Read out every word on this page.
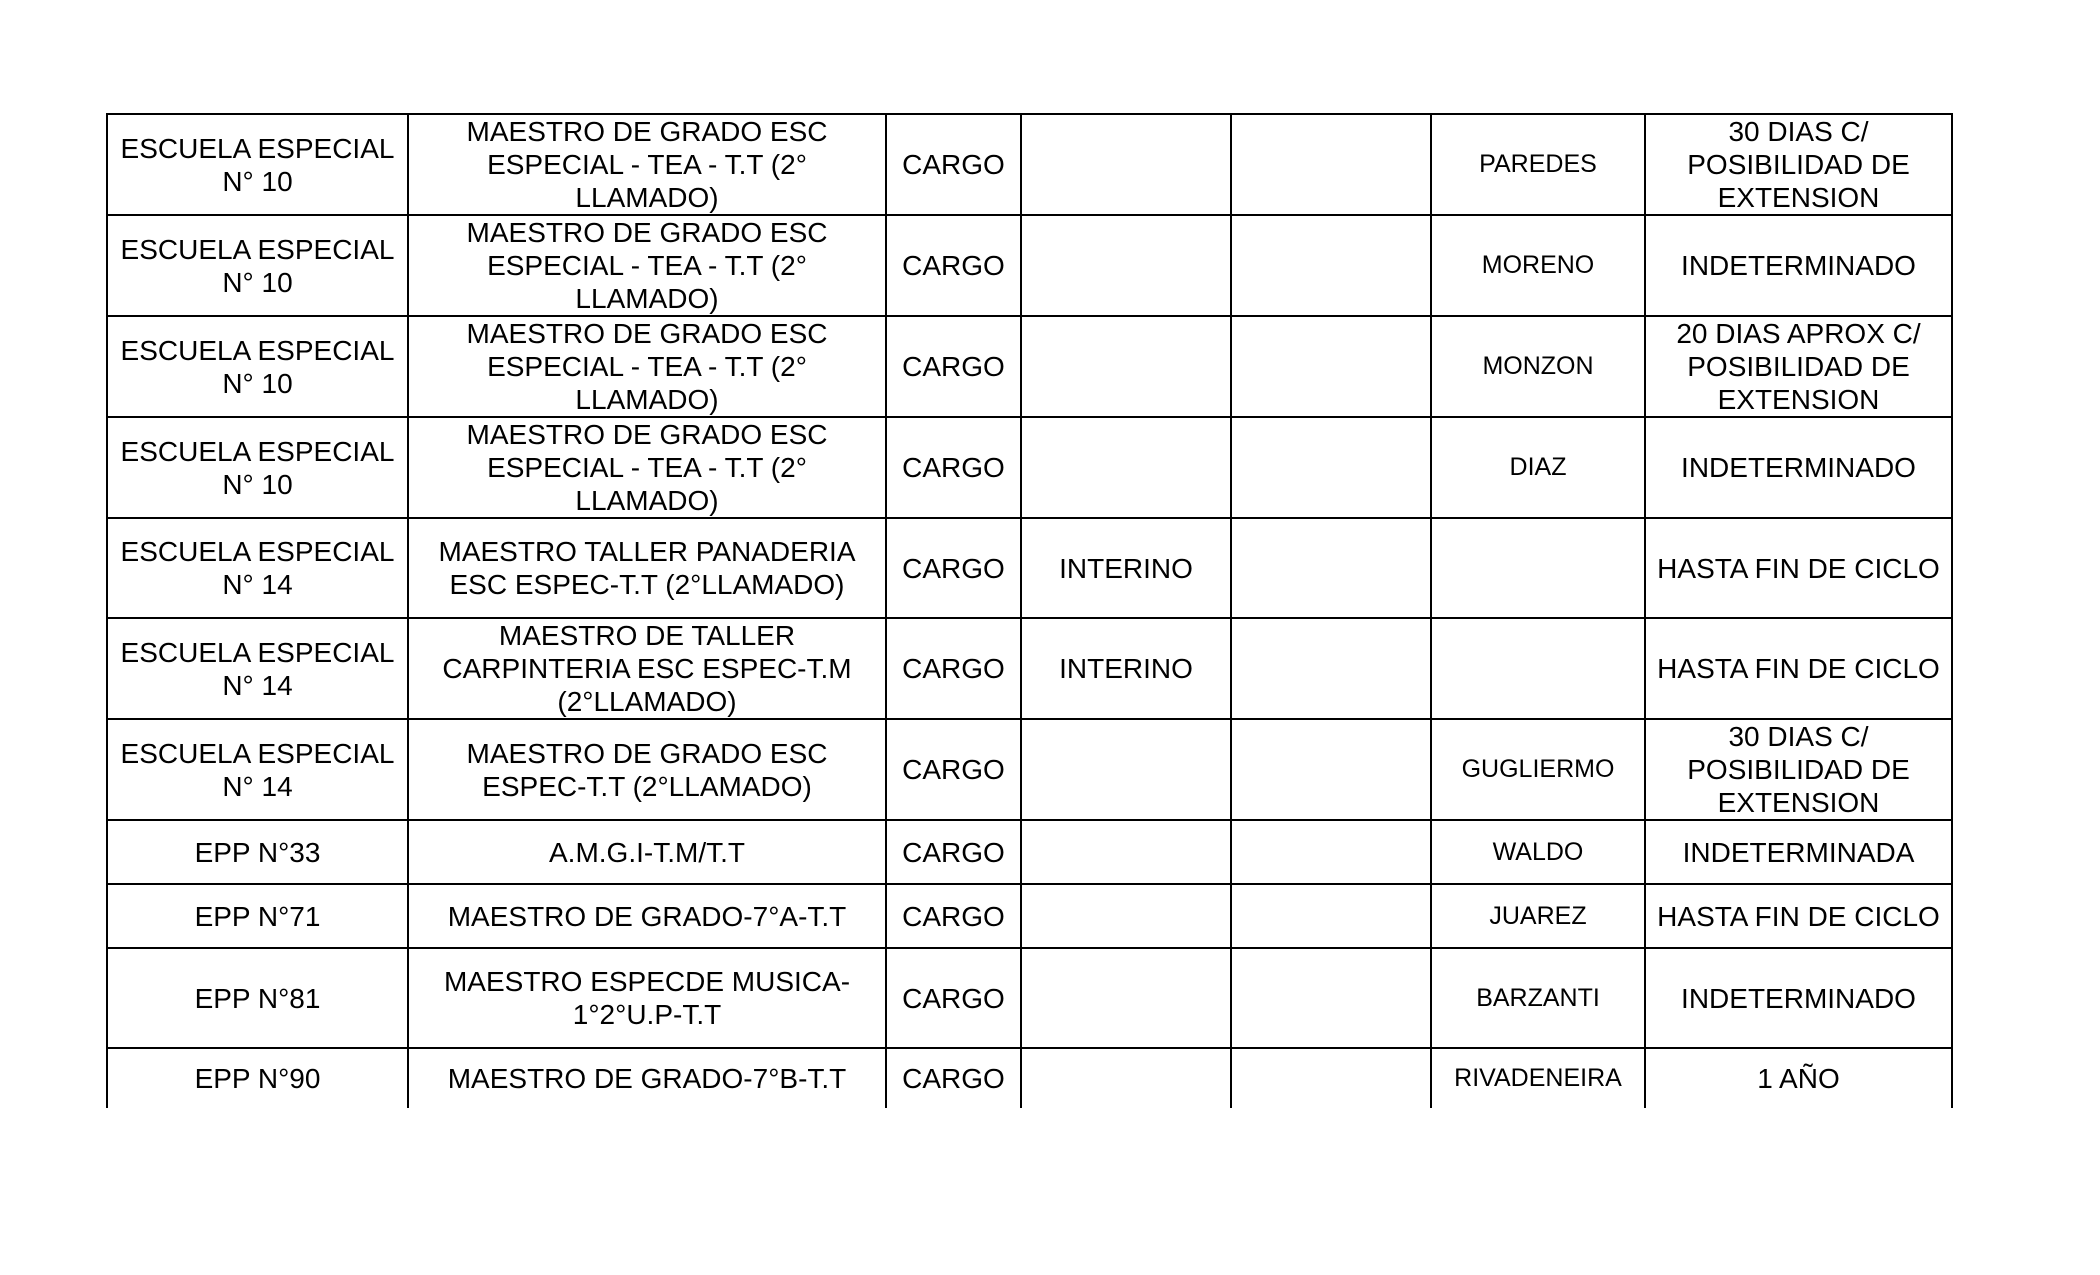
ESCUELA ESPECIAL N° 10	MAESTRO DE GRADO ESC ESPECIAL - TEA - T.T (2° LLAMADO)	CARGO			PAREDES	30 DIAS C/ POSIBILIDAD DE EXTENSION
ESCUELA ESPECIAL N° 10	MAESTRO DE GRADO ESC ESPECIAL - TEA - T.T (2° LLAMADO)	CARGO			MORENO	INDETERMINADO
ESCUELA ESPECIAL N° 10	MAESTRO DE GRADO ESC ESPECIAL - TEA - T.T (2° LLAMADO)	CARGO			MONZON	20 DIAS APROX C/ POSIBILIDAD DE EXTENSION
ESCUELA ESPECIAL N° 10	MAESTRO DE GRADO ESC ESPECIAL - TEA - T.T (2° LLAMADO)	CARGO			DIAZ	INDETERMINADO
ESCUELA ESPECIAL N° 14	MAESTRO TALLER PANADERIA ESC ESPEC-T.T (2°LLAMADO)	CARGO	INTERINO			HASTA FIN DE CICLO
ESCUELA ESPECIAL N° 14	MAESTRO DE TALLER CARPINTERIA ESC ESPEC-T.M (2°LLAMADO)	CARGO	INTERINO			HASTA FIN DE CICLO
ESCUELA ESPECIAL N° 14	MAESTRO DE GRADO ESC ESPEC-T.T (2°LLAMADO)	CARGO			GUGLIERMO	30 DIAS C/ POSIBILIDAD DE EXTENSION
EPP N°33	A.M.G.I-T.M/T.T	CARGO			WALDO	INDETERMINADA
EPP N°71	MAESTRO DE GRADO-7°A-T.T	CARGO			JUAREZ	HASTA FIN DE CICLO
EPP N°81	MAESTRO ESPECDE MUSICA-1°2°U.P-T.T	CARGO			BARZANTI	INDETERMINADO
EPP N°90	MAESTRO DE GRADO-7°B-T.T	CARGO			RIVADENEIRA	1 AÑO
